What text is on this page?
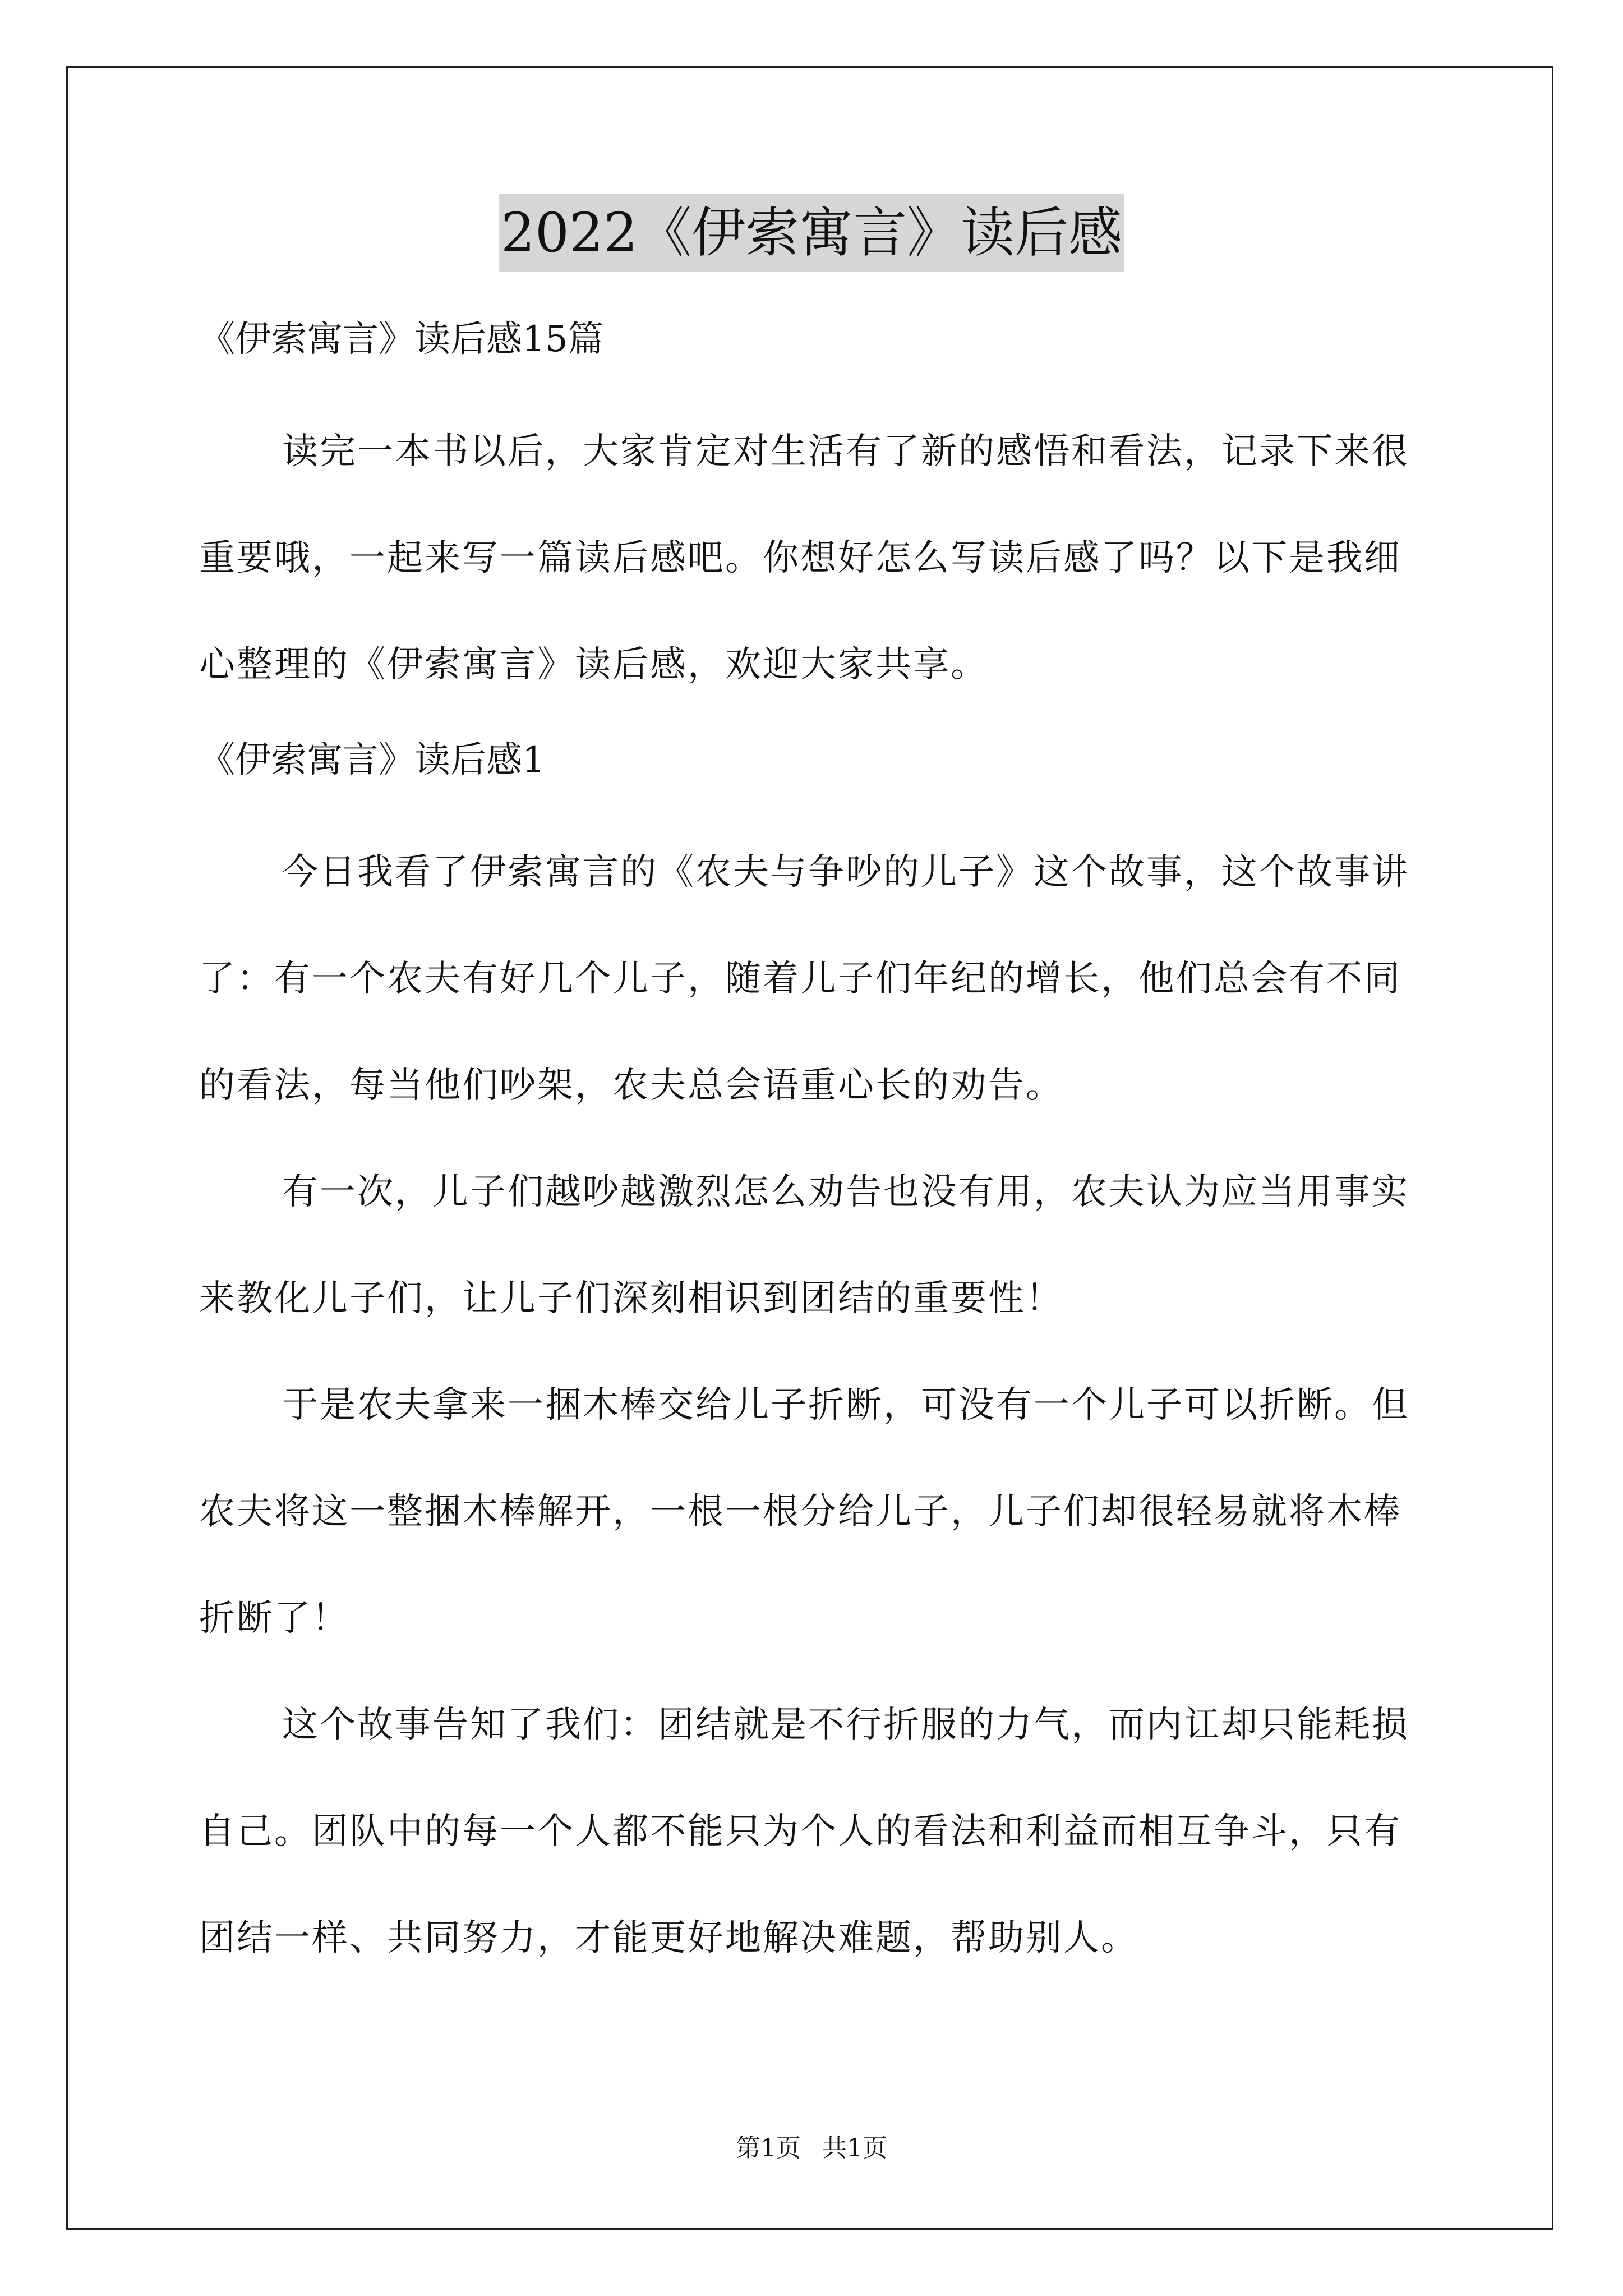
2022《伊索寓言》读后感

《伊索寓言》读后感15篇

读完一本书以后，大家肯定对生活有了新的感悟和看法，记录下来很重要哦，一起来写一篇读后感吧。你想好怎么写读后感了吗？以下是我细心整理的《伊索寓言》读后感，欢迎大家共享。

《伊索寓言》读后感1

今日我看了伊索寓言的《农夫与争吵的儿子》这个故事，这个故事讲了：有一个农夫有好几个儿子，随着儿子们年纪的增长，他们总会有不同的看法，每当他们吵架，农夫总会语重心长的劝告。

有一次，儿子们越吵越激烈怎么劝告也没有用，农夫认为应当用事实来教化儿子们，让儿子们深刻相识到团结的重要性！

于是农夫拿来一捆木棒交给儿子折断，可没有一个儿子可以折断。但农夫将这一整捆木棒解开，一根一根分给儿子，儿子们却很轻易就将木棒折断了！

这个故事告知了我们：团结就是不行折服的力气，而内讧却只能耗损自己。团队中的每一个人都不能只为个人的看法和利益而相互争斗，只有团结一样、共同努力，才能更好地解决难题，帮助别人。

第1页 共1页
